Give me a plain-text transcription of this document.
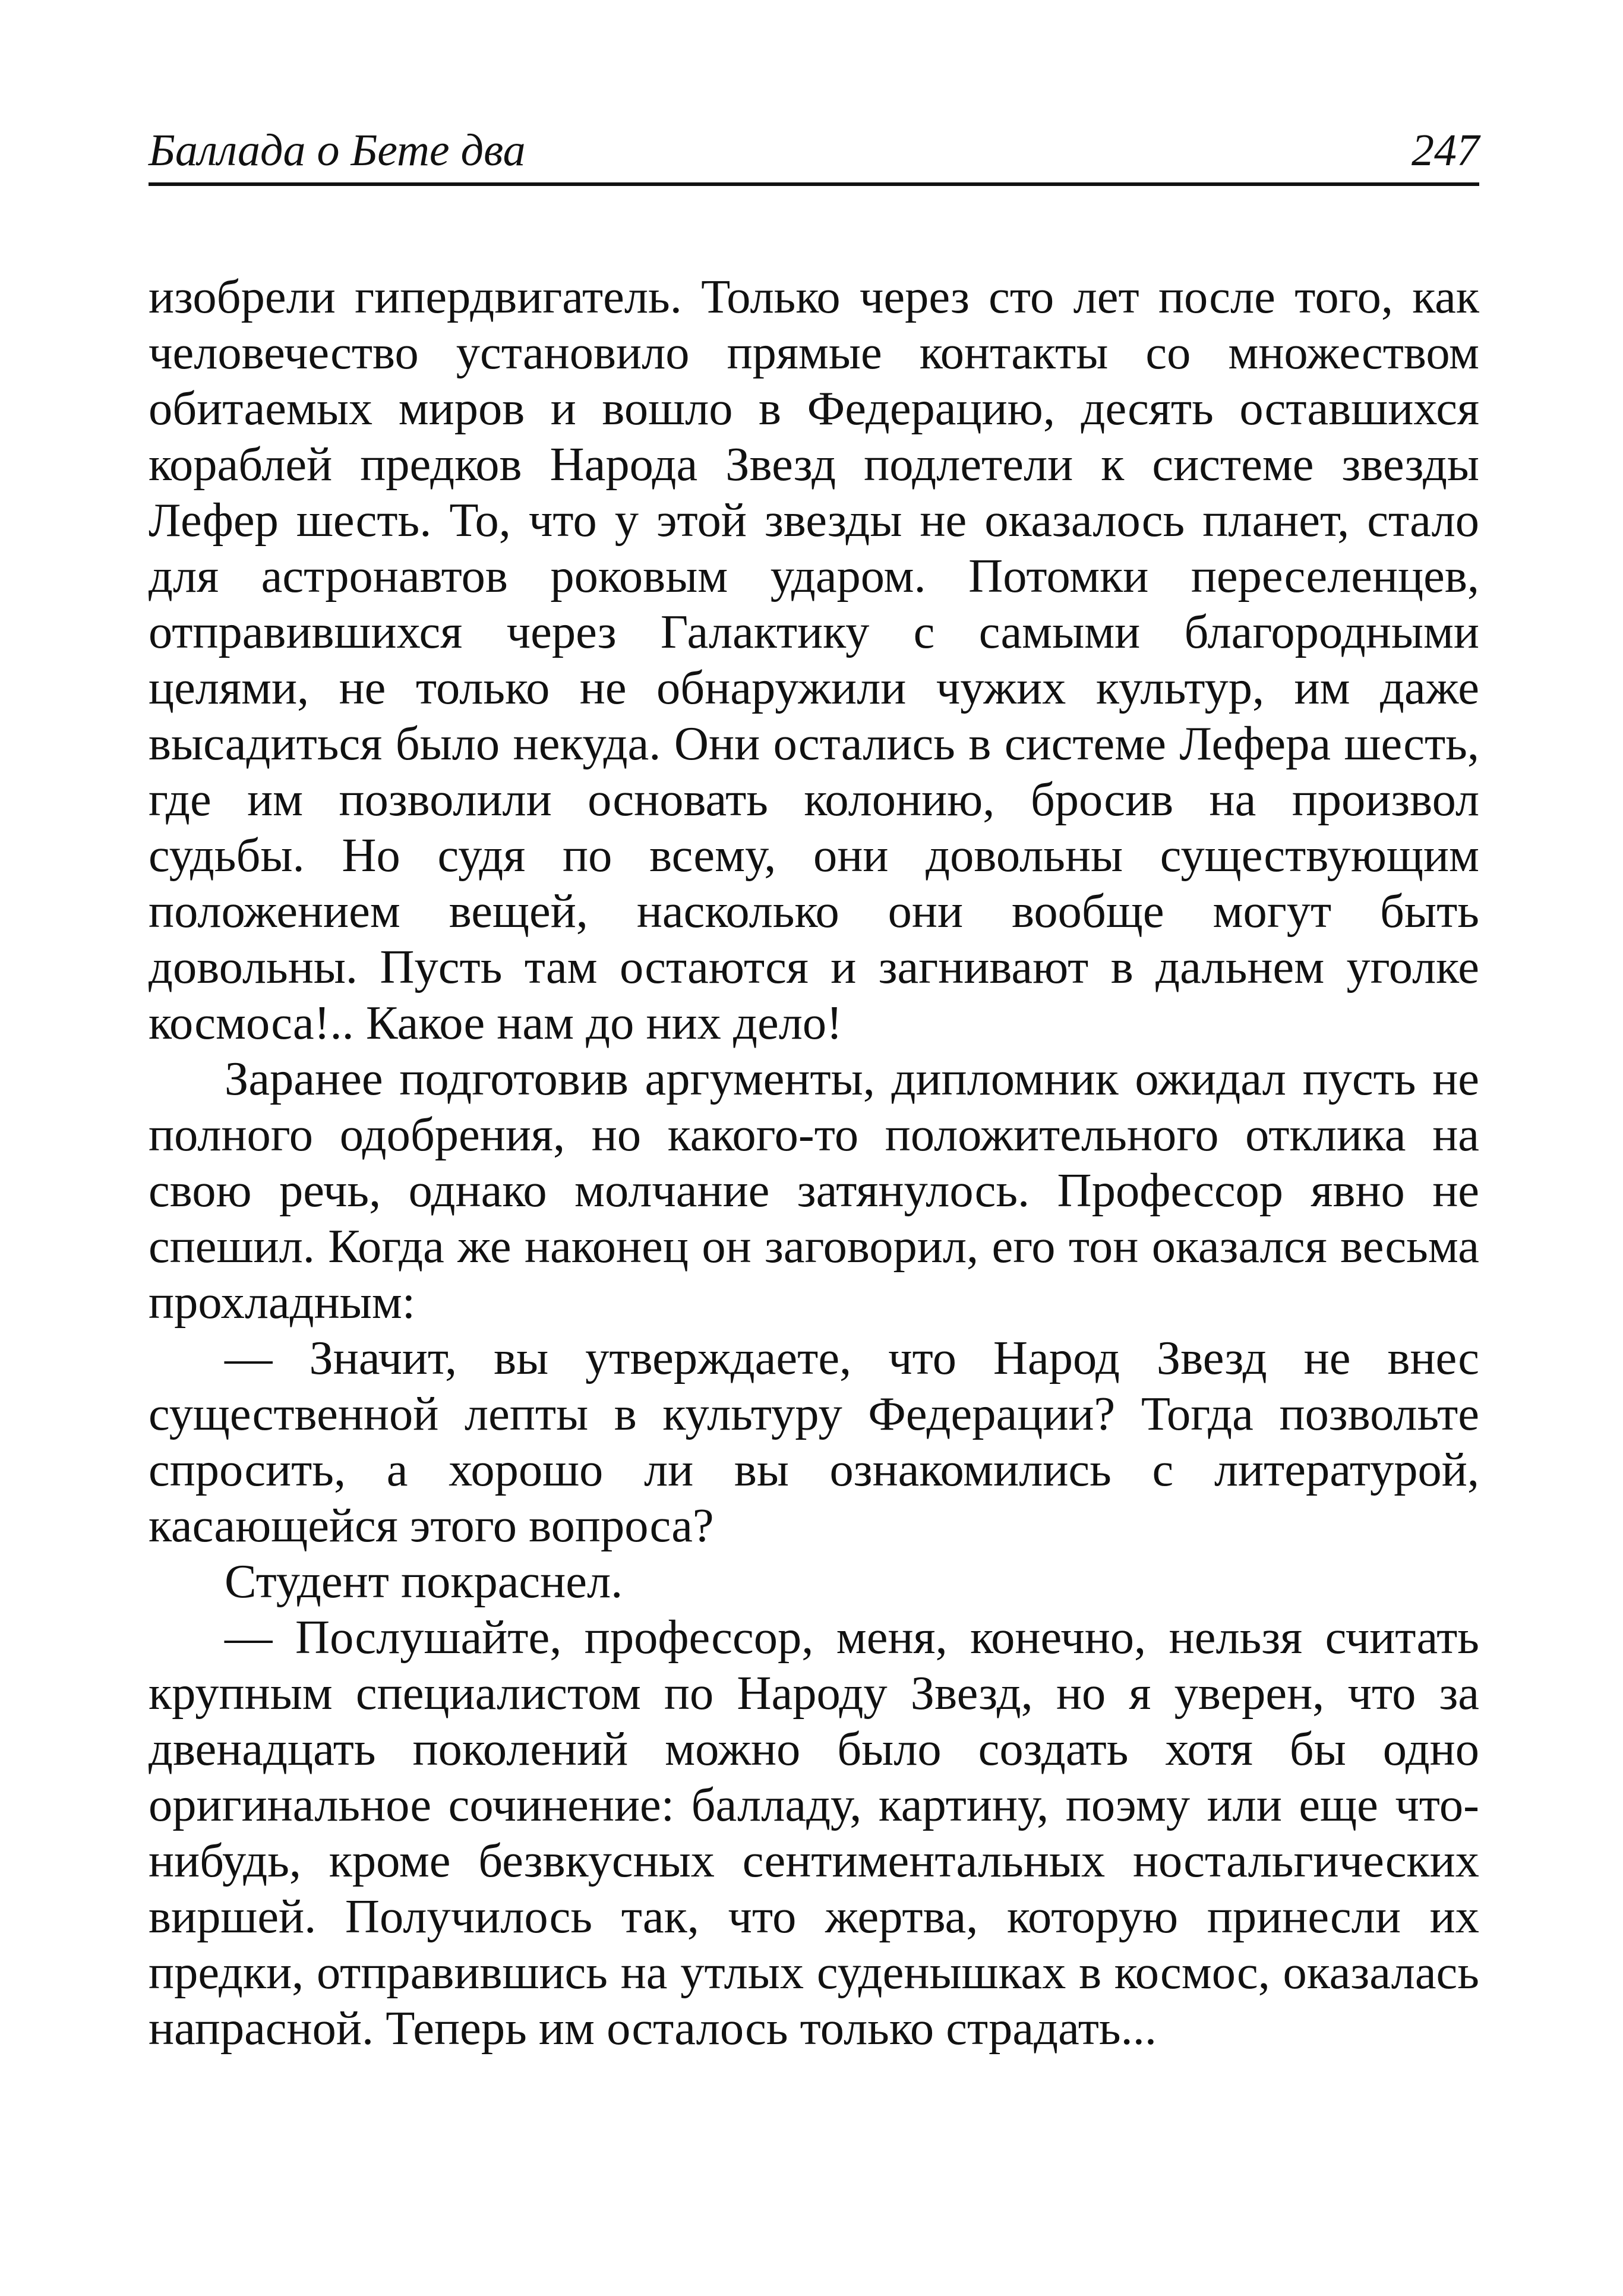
Баллада о Бете два	247

изобрели гипердвигатель. Только через сто лет после того, как человечество установило прямые контакты со множеством обитаемых миров и вошло в Федерацию, десять оставшихся кораблей предков Народа Звезд подлетели к системе звезды Лефер шесть. То, что у этой звезды не оказалось планет, стало для астронавтов роковым ударом. Потомки переселенцев, отправившихся через Галактику с самыми благородными целями, не только не обнаружили чужих культур, им даже высадиться было некуда. Они остались в системе Лефера шесть, где им позволили основать колонию, бросив на произвол судьбы. Но судя по всему, они довольны существующим положением вещей, насколько они вообще могут быть довольны. Пусть там остаются и загнивают в дальнем уголке космоса!.. Какое нам до них дело!

Заранее подготовив аргументы, дипломник ожидал пусть не полного одобрения, но какого-то положительного отклика на свою речь, однако молчание затянулось. Профессор явно не спешил. Когда же наконец он заговорил, его тон оказался весьма прохладным:

— Значит, вы утверждаете, что Народ Звезд не внес существенной лепты в культуру Федерации? Тогда позвольте спросить, а хорошо ли вы ознакомились с литературой, касающейся этого вопроса?

Студент покраснел.

— Послушайте, профессор, меня, конечно, нельзя считать крупным специалистом по Народу Звезд, но я уверен, что за двенадцать поколений можно было создать хотя бы одно оригинальное сочинение: балладу, картину, поэму или еще что-нибудь, кроме безвкусных сентиментальных ностальгических виршей. Получилось так, что жертва, которую принесли их предки, отправившись на утлых суденышках в космос, оказалась напрасной. Теперь им осталось только страдать...
